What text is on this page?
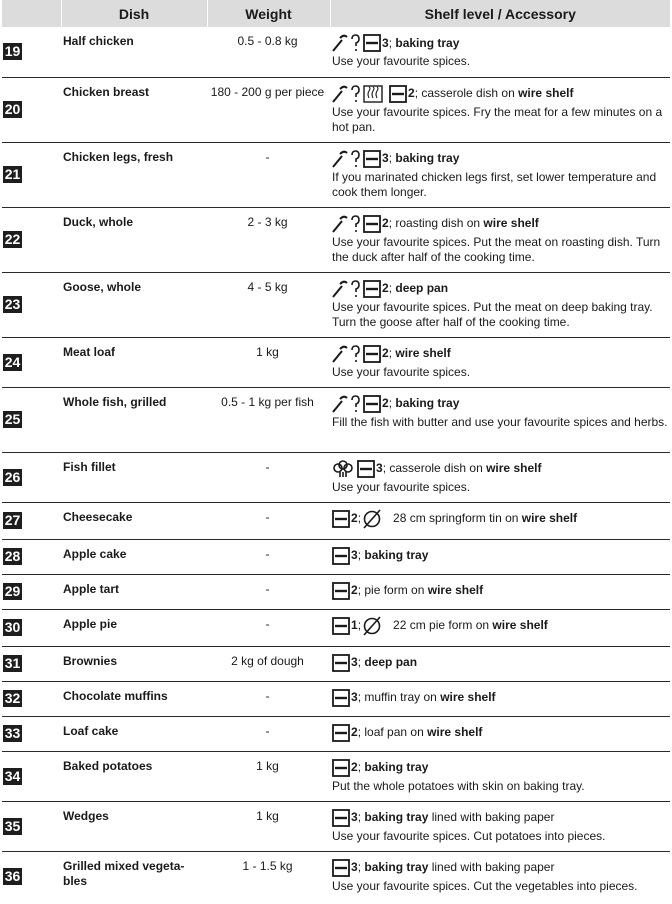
	Dish	Weight	Shelf level / Accessory
19	Half chicken	0.5 - 0.8 kg	3 ; baking tray
Use your favourite spices.

20	Chicken breast	180 - 200 g per piece	2 ; casserole dish on wire shelf
Use your favourite spices. Fry the meat for a few minutes on a hot pan.

21	Chicken legs, fresh	-	3 ; baking tray
If you marinated chicken legs first, set lower temperature and cook them longer.

22	Duck, whole	2 - 3 kg	2 ; roasting dish on wire shelf
Use your favourite spices. Put the meat on roasting dish. Turn the duck after half of the cooking time.

23	Goose, whole	4 - 5 kg	2 ; deep pan
Use your favourite spices. Put the meat on deep baking tray. Turn the goose after half of the cooking time.

24	Meat loaf	1 kg	2 ; wire shelf
Use your favourite spices.

25	Whole fish, grilled	0.5 - 1 kg per fish	2 ; baking tray
Fill the fish with butter and use your favourite spices and herbs.

26	Fish fillet	-	3 ; casserole dish on wire shelf
Use your favourite spices.

27	Cheesecake	-	2 ;
28 cm springform tin on wire shelf

28	Apple cake	-	3 ; baking tray

29	Apple tart	-	2 ; pie form on wire shelf

30	Apple pie	-	1 ;
22 cm pie form on wire shelf

31	Brownies	2 kg of dough	3 ; deep pan

32	Chocolate muffins	-	3 ; muffin tray on wire shelf

33	Loaf cake	-	2 ; loaf pan on wire shelf

34	Baked potatoes	1 kg	2 ; baking tray
Put the whole potatoes with skin on baking tray.

35	Wedges	1 kg	3 ; baking tray lined with baking paper
Use your favourite spices. Cut potatoes into pieces.

36	Grilled mixed vegeta-bles	1 - 1.5 kg	3 ; baking tray lined with baking paper
Use your favourite spices. Cut the vegetables into pieces.
